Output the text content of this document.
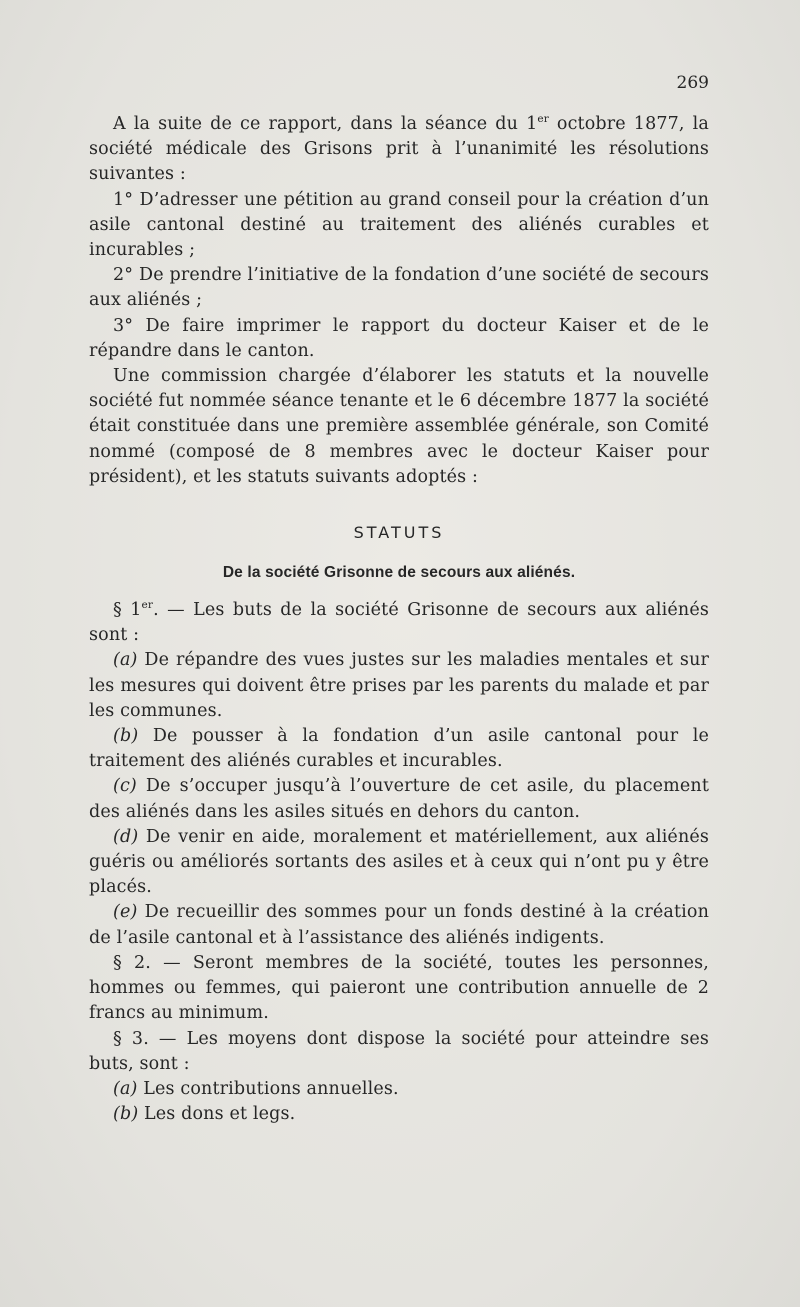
269

A la suite de ce rapport, dans la séance du 1er octobre 1877, la société médicale des Grisons prit à l’unanimité les résolutions suivantes :

1° D’adresser une pétition au grand conseil pour la création d’un asile cantonal destiné au traitement des aliénés curables et incurables ;

2° De prendre l’initiative de la fondation d’une société de secours aux aliénés ;

3° De faire imprimer le rapport du docteur Kaiser et de le répandre dans le canton.

Une commission chargée d’élaborer les statuts et la nouvelle société fut nommée séance tenante et le 6 décembre 1877 la société était constituée dans une première assemblée générale, son Comité nommé (composé de 8 membres avec le docteur Kaiser pour président), et les statuts suivants adoptés :

STATUTS
De la société Grisonne de secours aux aliénés.

§ 1er. — Les buts de la société Grisonne de secours aux aliénés sont :

(a) De répandre des vues justes sur les maladies mentales et sur les mesures qui doivent être prises par les parents du malade et par les communes.

(b) De pousser à la fondation d’un asile cantonal pour le traitement des aliénés curables et incurables.

(c) De s’occuper jusqu’à l’ouverture de cet asile, du placement des aliénés dans les asiles situés en dehors du canton.

(d) De venir en aide, moralement et matériellement, aux aliénés guéris ou améliorés sortants des asiles et à ceux qui n’ont pu y être placés.

(e) De recueillir des sommes pour un fonds destiné à la création de l’asile cantonal et à l’assistance des aliénés indigents.

§ 2. — Seront membres de la société, toutes les personnes, hommes ou femmes, qui paieront une contribution annuelle de 2 francs au minimum.

§ 3. — Les moyens dont dispose la société pour atteindre ses buts, sont :

(a) Les contributions annuelles.

(b) Les dons et legs.
